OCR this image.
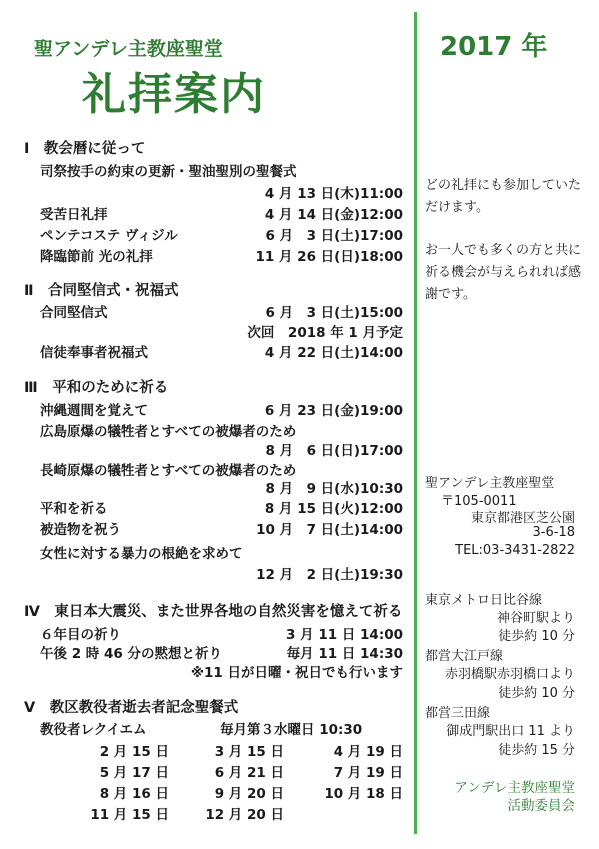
聖アンデレ主教座聖堂
礼拝案内
2017 年
Ⅰ　教会暦に従って
司祭按手の約束の更新・聖油聖別の聖餐式
4 月 13 日(木)11:00
受苦日礼拝	4 月 14 日(金)12:00
ペンテコステ ヴィジル	6 月　3 日(土)17:00
降臨節前 光の礼拝	11 月 26 日(日)18:00
Ⅱ　合同堅信式・祝福式
合同堅信式	6 月　3 日(土)15:00
次回　2018 年 1 月予定
信徒奉事者祝福式	4 月 22 日(土)14:00
Ⅲ　平和のために祈る
沖縄週間を覚えて	6 月 23 日(金)19:00
広島原爆の犠牲者とすべての被爆者のため
8 月　6 日(日)17:00
長崎原爆の犠牲者とすべての被爆者のため
8 月　9 日(水)10:30
平和を祈る	8 月 15 日(火)12:00
被造物を祝う	10 月　7 日(土)14:00
女性に対する暴力の根絶を求めて
12 月　2 日(土)19:30
Ⅳ　東日本大震災、また世界各地の自然災害を憶えて祈る
６年目の祈り	3 月 11 日 14:00
午後 2 時 46 分の黙想と祈り	毎月 11 日 14:30
※11 日が日曜・祝日でも行います
Ⅴ　教区教役者逝去者記念聖餐式
教役者レクイエム	毎月第３水曜日 10:30
2 月 15 日	3 月 15 日	4 月 19 日
5 月 17 日	6 月 21 日	7 月 19 日
8 月 16 日	9 月 20 日	10 月 18 日
11 月 15 日	12 月 20 日
どの礼拝にも参加していただけます。
お一人でも多くの方と共に祈る機会が与えられれば感謝です。
聖アンデレ主教座聖堂
〒105-0011
東京都港区芝公園
3-6-18
TEL:03-3431-2822
東京メトロ日比谷線
神谷町駅より
徒歩約 10 分
都営大江戸線
赤羽橋駅赤羽橋口より
徒歩約 10 分
都営三田線
御成門駅出口 11 より
徒歩約 15 分
アンデレ主教座聖堂
活動委員会
